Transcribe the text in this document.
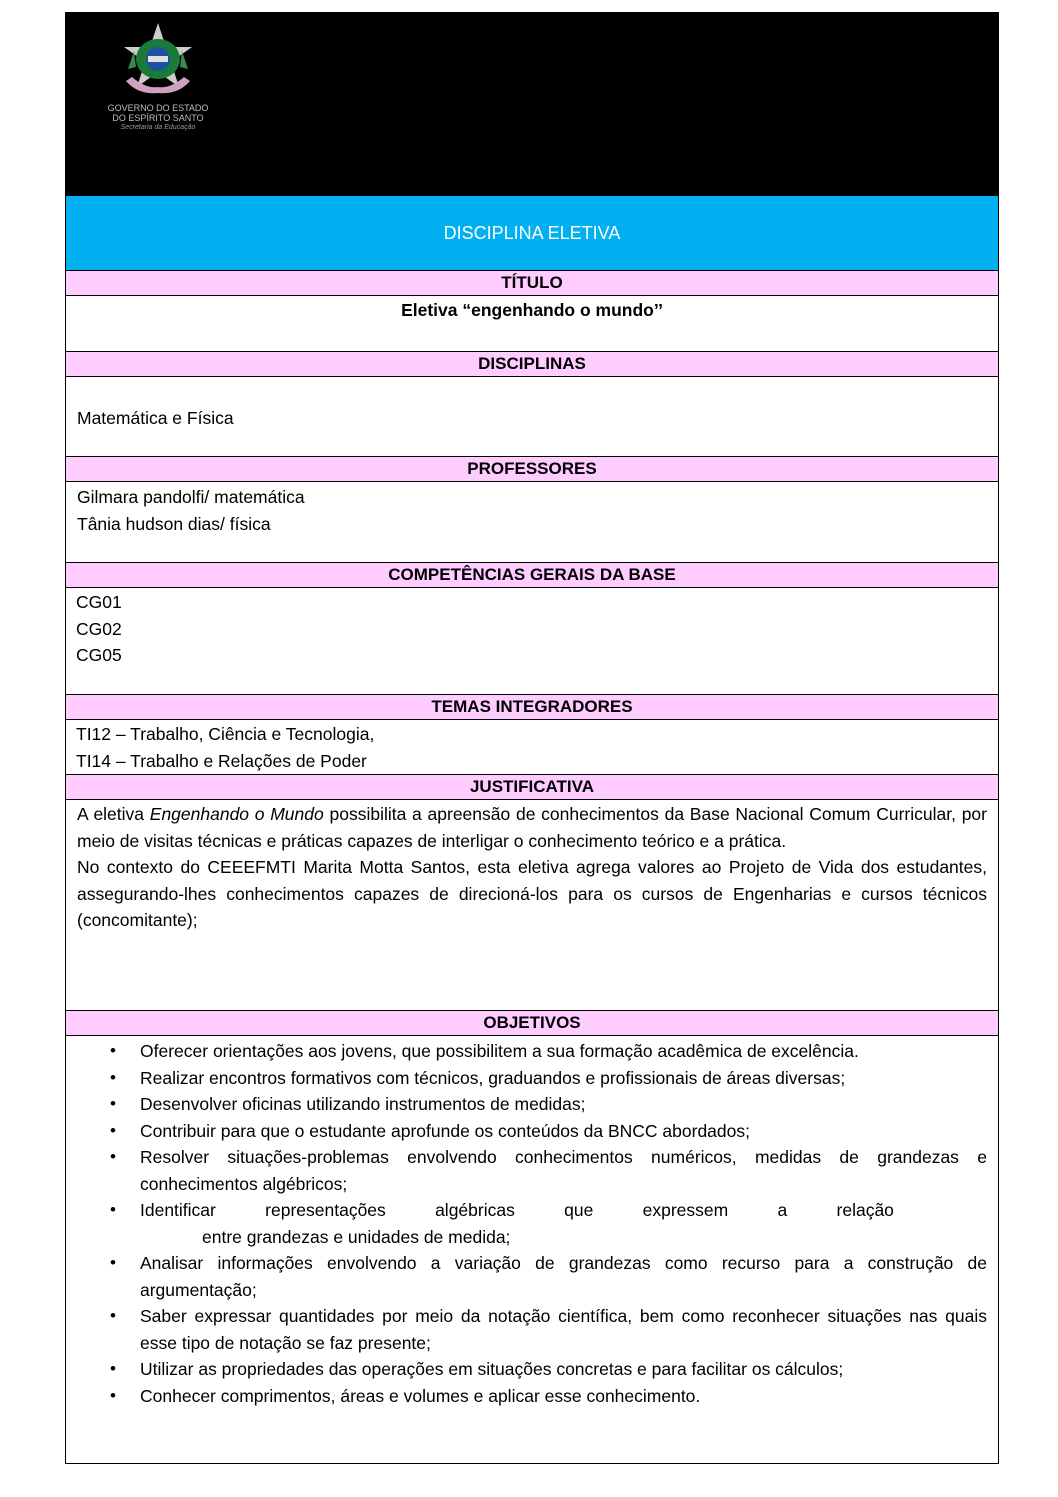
GOVERNO DO ESTADO
DO ESPÍRITO SANTO
Secretaria da Educação
DISCIPLINA ELETIVA
TÍTULO
Eletiva “engenhando o mundo’’
DISCIPLINAS
Matemática e Física
PROFESSORES
Gilmara pandolfi/ matemática
Tânia hudson dias/ física
COMPETÊNCIAS GERAIS DA BASE
CG01
CG02
CG05
TEMAS INTEGRADORES
TI12 – Trabalho, Ciência e Tecnologia,
TI14 – Trabalho e Relações de Poder
JUSTIFICATIVA
A eletiva Engenhando o Mundo possibilita a apreensão de conhecimentos da Base Nacional Comum Curricular, por meio de visitas técnicas e práticas capazes de interligar o conhecimento teórico e a prática.
No contexto do CEEEFMTI Marita Motta Santos, esta eletiva agrega valores ao Projeto de Vida dos estudantes, assegurando-lhes conhecimentos capazes de direcioná-los para os cursos de Engenharias e cursos técnicos (concomitante);
OBJETIVOS
• Oferecer orientações aos jovens, que possibilitem a sua formação acadêmica de excelência.
• Realizar encontros formativos com técnicos, graduandos e profissionais de áreas diversas;
• Desenvolver oficinas utilizando instrumentos de medidas;
• Contribuir para que o estudante aprofunde os conteúdos da BNCC abordados;
• Resolver situações-problemas envolvendo conhecimentos numéricos, medidas de grandezas e conhecimentos algébricos;
• Identificar	representações	algébricas	que	expressem	a	relação
entre grandezas e unidades de medida;
• Analisar informações envolvendo a variação de grandezas como recurso para a construção de argumentação;
• Saber expressar quantidades por meio da notação científica, bem como reconhecer situações nas quais esse tipo de notação se faz presente;
• Utilizar as propriedades das operações em situações concretas e para facilitar os cálculos;
• Conhecer comprimentos, áreas e volumes e aplicar esse conhecimento.
